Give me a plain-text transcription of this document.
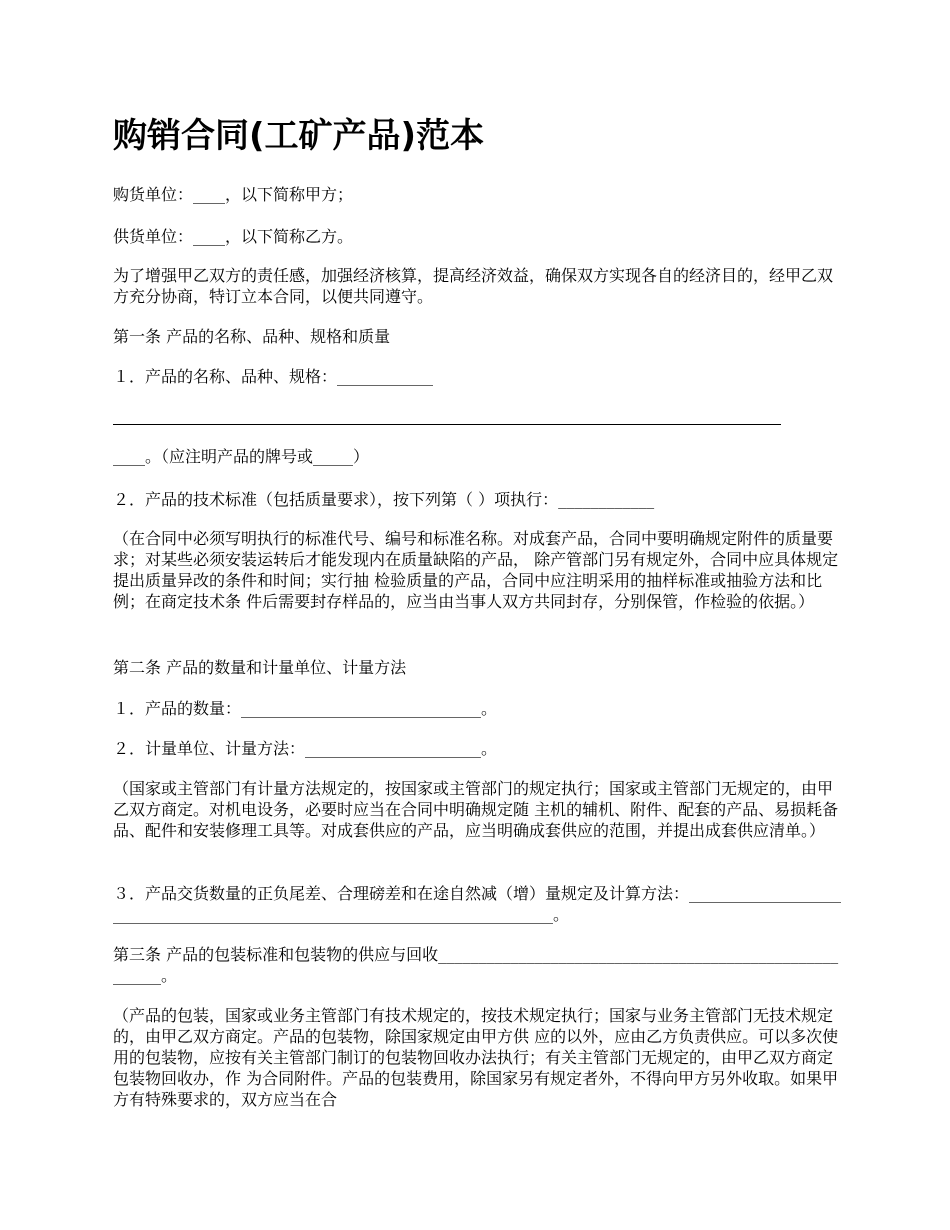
购销合同(工矿产品)范本

购货单位：____，以下简称甲方；

供货单位：____，以下简称乙方。

为了增强甲乙双方的责任感，加强经济核算，提高经济效益，确保双方实现各自的经济目的，经甲乙双方充分协商，特订立本合同，以便共同遵守。

第一条 产品的名称、品种、规格和质量

１．产品的名称、品种、规格：____________

____。（应注明产品的牌号或_____）

２．产品的技术标准（包括质量要求），按下列第（ ）项执行：____________

（在合同中必须写明执行的标准代号、编号和标准名称。对成套产品，合同中要明确规定附件的质量要求；对某些必须安装运转后才能发现内在质量缺陷的产品， 除产管部门另有规定外，合同中应具体规定提出质量异改的条件和时间；实行抽 检验质量的产品，合同中应注明采用的抽样标准或抽验方法和比例；在商定技术条 件后需要封存样品的，应当由当事人双方共同封存，分别保管，作检验的依据。）

第二条 产品的数量和计量单位、计量方法

１．产品的数量：______________________________。

２．计量单位、计量方法：______________________。

（国家或主管部门有计量方法规定的，按国家或主管部门的规定执行；国家或主管部门无规定的，由甲乙双方商定。对机电设务，必要时应当在合同中明确规定随 主机的辅机、附件、配套的产品、易损耗备品、配件和安装修理工具等。对成套供应的产品，应当明确成套供应的范围，并提出成套供应清单。）

３．产品交货数量的正负尾差、合理磅差和在途自然减（增）量规定及计算方法：__________________________________________________________________________。

第三条 产品的包装标准和包装物的供应与回收________________________________________________________。

（产品的包装，国家或业务主管部门有技术规定的，按技术规定执行；国家与业务主管部门无技术规定的，由甲乙双方商定。产品的包装物，除国家规定由甲方供 应的以外，应由乙方负责供应。可以多次使用的包装物，应按有关主管部门制订的包装物回收办法执行；有关主管部门无规定的，由甲乙双方商定包装物回收办，作 为合同附件。产品的包装费用，除国家另有规定者外，不得向甲方另外收取。如果甲方有特殊要求的，双方应当在合
